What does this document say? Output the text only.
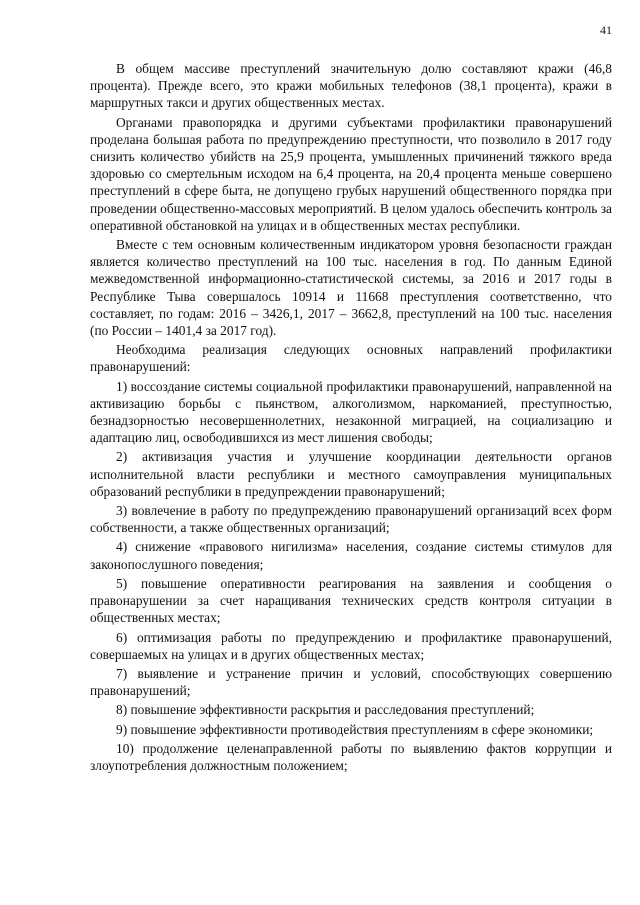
41

В общем массиве преступлений значительную долю составляют кражи (46,8 процента). Прежде всего, это кражи мобильных телефонов (38,1 процента), кражи в маршрутных такси и других общественных местах.

Органами правопорядка и другими субъектами профилактики правонарушений проделана большая работа по предупреждению преступности, что позволило в 2017 году снизить количество убийств на 25,9 процента, умышленных причинений тяжкого вреда здоровью со смертельным исходом на 6,4 процента, на 20,4 процента меньше совершено преступлений в сфере быта, не допущено грубых нарушений общественного порядка при проведении общественно-массовых мероприятий. В целом удалось обеспечить контроль за оперативной обстановкой на улицах и в общественных местах республики.

Вместе с тем основным количественным индикатором уровня безопасности граждан является количество преступлений на 100 тыс. населения в год. По данным Единой межведомственной информационно-статистической системы, за 2016 и 2017 годы в Республике Тыва совершалось 10914 и 11668 преступления соответственно, что составляет, по годам: 2016 – 3426,1, 2017 – 3662,8, преступлений на 100 тыс. населения (по России – 1401,4 за 2017 год).

Необходима реализация следующих основных направлений профилактики правонарушений:

1) воссоздание системы социальной профилактики правонарушений, направленной на активизацию борьбы с пьянством, алкоголизмом, наркоманией, преступностью, безнадзорностью несовершеннолетних, незаконной миграцией, на социализацию и адаптацию лиц, освободившихся из мест лишения свободы;

2) активизация участия и улучшение координации деятельности органов исполнительной власти республики и местного самоуправления муниципальных образований республики в предупреждении правонарушений;

3) вовлечение в работу по предупреждению правонарушений организаций всех форм собственности, а также общественных организаций;

4) снижение «правового нигилизма» населения, создание системы стимулов для законопослушного поведения;

5) повышение оперативности реагирования на заявления и сообщения о правонарушении за счет наращивания технических средств контроля ситуации в общественных местах;

6) оптимизация работы по предупреждению и профилактике правонарушений, совершаемых на улицах и в других общественных местах;

7) выявление и устранение причин и условий, способствующих совершению правонарушений;

8) повышение эффективности раскрытия и расследования преступлений;

9) повышение эффективности противодействия преступлениям в сфере экономики;

10) продолжение целенаправленной работы по выявлению фактов коррупции и злоупотребления должностным положением;
